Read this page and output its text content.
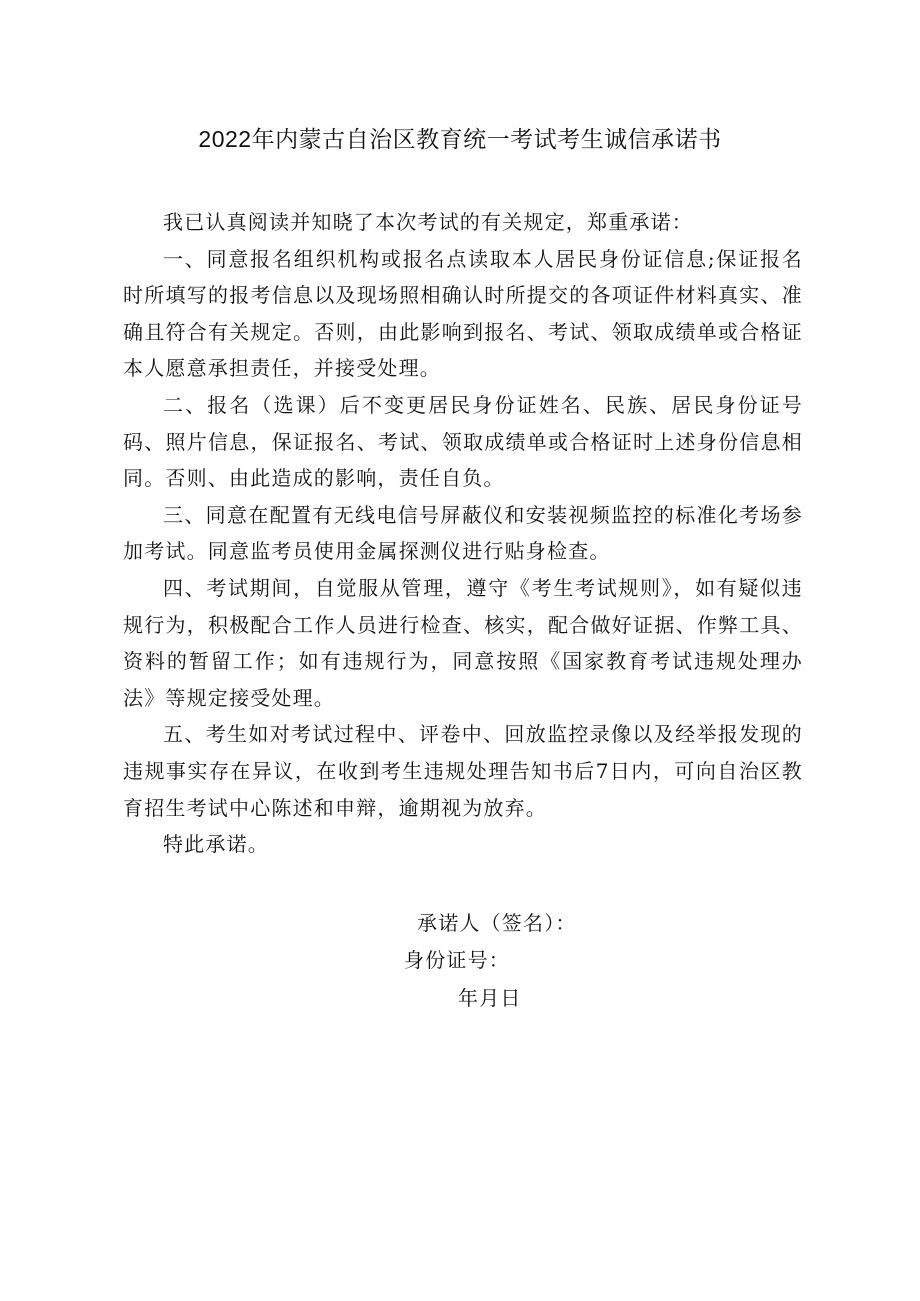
2022年内蒙古自治区教育统一考试考生诚信承诺书

我已认真阅读并知晓了本次考试的有关规定，郑重承诺：

一、同意报名组织机构或报名点读取本人居民身份证信息;保证报名时所填写的报考信息以及现场照相确认时所提交的各项证件材料真实、准确且符合有关规定。否则，由此影响到报名、考试、领取成绩单或合格证本人愿意承担责任，并接受处理。

二、报名（选课）后不变更居民身份证姓名、民族、居民身份证号码、照片信息，保证报名、考试、领取成绩单或合格证时上述身份信息相同。否则、由此造成的影响，责任自负。

三、同意在配置有无线电信号屏蔽仪和安装视频监控的标准化考场参加考试。同意监考员使用金属探测仪进行贴身检查。

四、考试期间，自觉服从管理，遵守《考生考试规则》，如有疑似违规行为，积极配合工作人员进行检查、核实，配合做好证据、作弊工具、资料的暂留工作；如有违规行为，同意按照《国家教育考试违规处理办法》等规定接受处理。

五、考生如对考试过程中、评卷中、回放监控录像以及经举报发现的违规事实存在异议，在收到考生违规处理告知书后7日内，可向自治区教育招生考试中心陈述和申辩，逾期视为放弃。

特此承诺。

承诺人（签名）：
身份证号：
年月日
